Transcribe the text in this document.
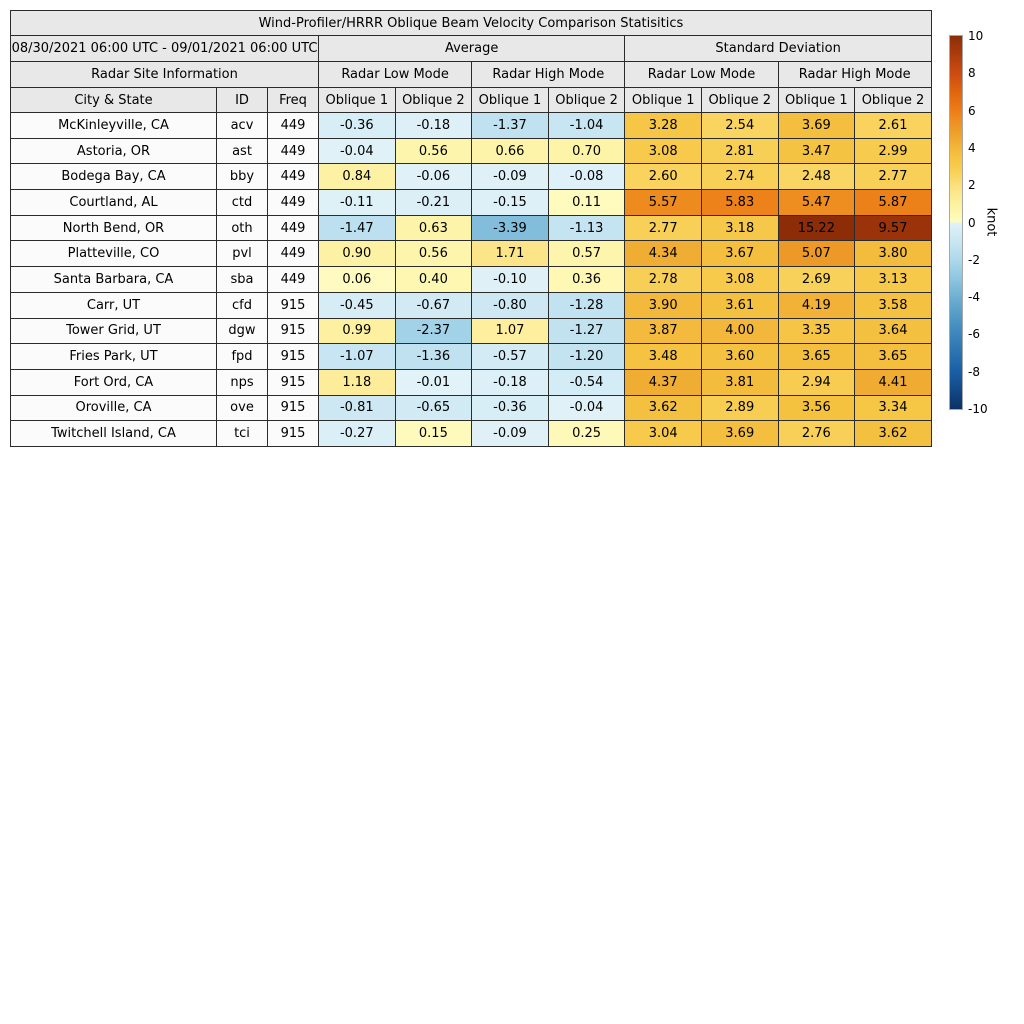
Wind-Profiler/HRRR Oblique Beam Velocity Comparison Statisitics										
08/30/2021 06:00 UTC - 09/01/2021 06:00 UTC			Average				Standard Deviation			
Radar Site Information			Radar Low Mode		Radar High Mode		Radar Low Mode		Radar High Mode	
City & State	ID	Freq	Oblique 1	Oblique 2	Oblique 1	Oblique 2	Oblique 1	Oblique 2	Oblique 1	Oblique 2
McKinleyville, CA	acv	449	-0.36	-0.18	-1.37	-1.04	3.28	2.54	3.69	2.61
Astoria, OR	ast	449	-0.04	0.56	0.66	0.70	3.08	2.81	3.47	2.99
Bodega Bay, CA	bby	449	0.84	-0.06	-0.09	-0.08	2.60	2.74	2.48	2.77
Courtland, AL	ctd	449	-0.11	-0.21	-0.15	0.11	5.57	5.83	5.47	5.87
North Bend, OR	oth	449	-1.47	0.63	-3.39	-1.13	2.77	3.18	15.22	9.57
Platteville, CO	pvl	449	0.90	0.56	1.71	0.57	4.34	3.67	5.07	3.80
Santa Barbara, CA	sba	449	0.06	0.40	-0.10	0.36	2.78	3.08	2.69	3.13
Carr, UT	cfd	915	-0.45	-0.67	-0.80	-1.28	3.90	3.61	4.19	3.58
Tower Grid, UT	dgw	915	0.99	-2.37	1.07	-1.27	3.87	4.00	3.35	3.64
Fries Park, UT	fpd	915	-1.07	-1.36	-0.57	-1.20	3.48	3.60	3.65	3.65
Fort Ord, CA	nps	915	1.18	-0.01	-0.18	-0.54	4.37	3.81	2.94	4.41
Oroville, CA	ove	915	-0.81	-0.65	-0.36	-0.04	3.62	2.89	3.56	3.34
Twitchell Island, CA	tci	915	-0.27	0.15	-0.09	0.25	3.04	3.69	2.76	3.62
10
8
6
4
2
0
-2
-4
-6
-8
-10
knot
